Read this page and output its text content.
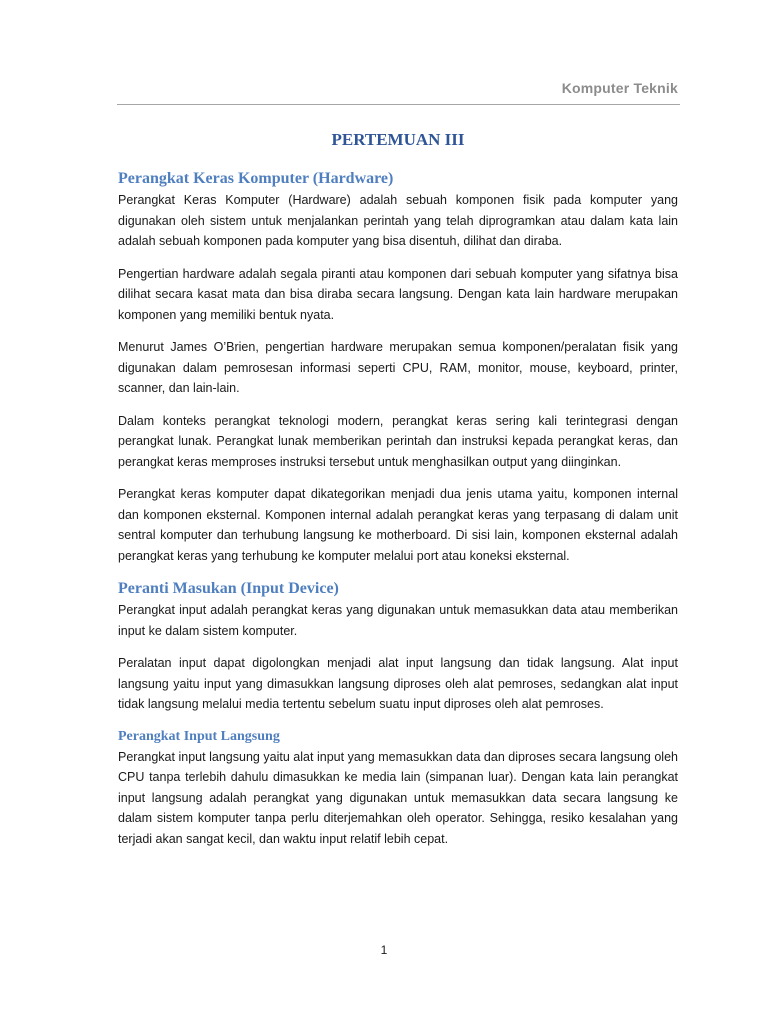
Komputer Teknik
PERTEMUAN III
Perangkat Keras Komputer (Hardware)

Perangkat Keras Komputer (Hardware) adalah sebuah komponen fisik pada komputer yang digunakan oleh sistem untuk menjalankan perintah yang telah diprogramkan atau dalam kata lain adalah sebuah komponen pada komputer yang bisa disentuh, dilihat dan diraba.

Pengertian hardware adalah segala piranti atau komponen dari sebuah komputer yang sifatnya bisa dilihat secara kasat mata dan bisa diraba secara langsung. Dengan kata lain hardware merupakan komponen yang memiliki bentuk nyata.

Menurut James O’Brien, pengertian hardware merupakan semua komponen/peralatan fisik yang digunakan dalam pemrosesan informasi seperti CPU, RAM, monitor, mouse, keyboard, printer, scanner, dan lain-lain.

Dalam konteks perangkat teknologi modern, perangkat keras sering kali terintegrasi dengan perangkat lunak. Perangkat lunak memberikan perintah dan instruksi kepada perangkat keras, dan perangkat keras memproses instruksi tersebut untuk menghasilkan output yang diinginkan.

Perangkat keras komputer dapat dikategorikan menjadi dua jenis utama yaitu, komponen internal dan komponen eksternal. Komponen internal adalah perangkat keras yang terpasang di dalam unit sentral komputer dan terhubung langsung ke motherboard. Di sisi lain, komponen eksternal adalah perangkat keras yang terhubung ke komputer melalui port atau koneksi eksternal.

Peranti Masukan (Input Device)

Perangkat input adalah perangkat keras yang digunakan untuk memasukkan data atau memberikan input ke dalam sistem komputer.

Peralatan input dapat digolongkan menjadi alat input langsung dan tidak langsung. Alat input langsung yaitu input yang dimasukkan langsung diproses oleh alat pemroses, sedangkan alat input tidak langsung melalui media tertentu sebelum suatu input diproses oleh alat pemroses.

Perangkat Input Langsung

Perangkat input langsung yaitu alat input yang memasukkan data dan diproses secara langsung oleh CPU tanpa terlebih dahulu dimasukkan ke media lain (simpanan luar). Dengan kata lain perangkat input langsung adalah perangkat yang digunakan untuk memasukkan data secara langsung ke dalam sistem komputer tanpa perlu diterjemahkan oleh operator. Sehingga, resiko kesalahan yang terjadi akan sangat kecil, dan waktu input relatif lebih cepat.

1
